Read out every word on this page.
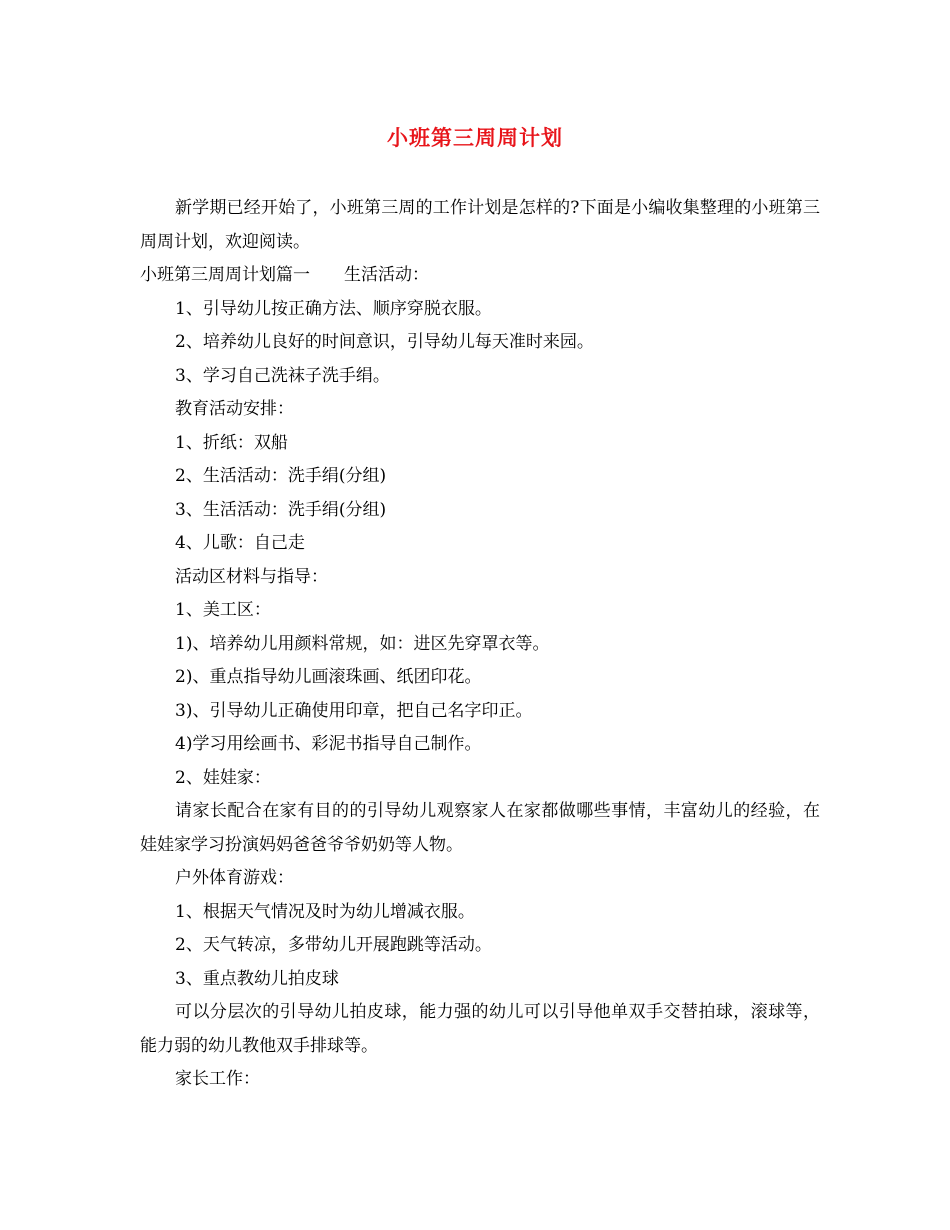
小班第三周周计划
新学期已经开始了，小班第三周的工作计划是怎样的?下面是小编收集整理的小班第三周周计划，欢迎阅读。
小班第三周周计划篇一　　生活活动：
1、引导幼儿按正确方法、顺序穿脱衣服。
2、培养幼儿良好的时间意识，引导幼儿每天准时来园。
3、学习自己洗袜子洗手绢。
教育活动安排：
1、折纸：双船
2、生活活动：洗手绢(分组)
3、生活活动：洗手绢(分组)
4、儿歌：自己走
活动区材料与指导：
1、美工区：
1)、培养幼儿用颜料常规，如：进区先穿罩衣等。
2)、重点指导幼儿画滚珠画、纸团印花。
3)、引导幼儿正确使用印章，把自己名字印正。
4)学习用绘画书、彩泥书指导自己制作。
2、娃娃家：
请家长配合在家有目的的引导幼儿观察家人在家都做哪些事情，丰富幼儿的经验，在娃娃家学习扮演妈妈爸爸爷爷奶奶等人物。
户外体育游戏：
1、根据天气情况及时为幼儿增减衣服。
2、天气转凉，多带幼儿开展跑跳等活动。
3、重点教幼儿拍皮球
可以分层次的引导幼儿拍皮球，能力强的幼儿可以引导他单双手交替拍球，滚球等，能力弱的幼儿教他双手排球等。
家长工作：
